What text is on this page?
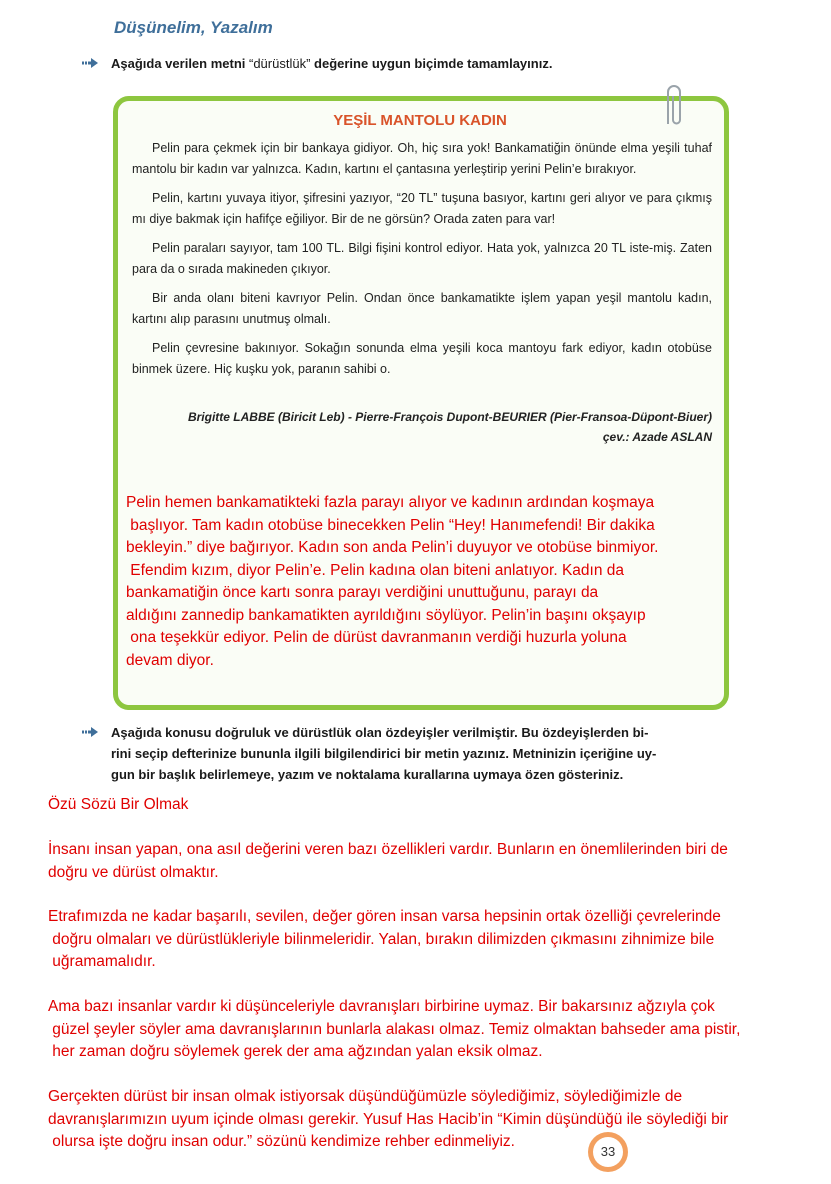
Düşünelim, Yazalım
Aşağıda verilen metni “dürüstlük” değerine uygun biçimde tamamlayınız.
YEŞİL MANTOLU KADIN

Pelin para çekmek için bir bankaya gidiyor. Oh, hiç sıra yok! Bankamatiğin önünde elma yeşili tuhaf mantolu bir kadın var yalnızca. Kadın, kartını el çantasına yerleştirip yerini Pelin’e bırakıyor.

Pelin, kartını yuvaya itiyor, şifresini yazıyor, “20 TL” tuşuna basıyor, kartını geri alıyor ve para çıkmış mı diye bakmak için hafifçe eğiliyor. Bir de ne görsün? Orada zaten para var!

Pelin paraları sayıyor, tam 100 TL. Bilgi fişini kontrol ediyor. Hata yok, yalnızca 20 TL iste-miş. Zaten para da o sırada makineden çıkıyor.

Bir anda olanı biteni kavrıyor Pelin. Ondan önce bankamatikte işlem yapan yeşil mantolu kadın, kartını alıp parasını unutmuş olmalı.

Pelin çevresine bakınıyor. Sokağın sonunda elma yeşili koca mantoyu fark ediyor, kadın otobüse binmek üzere. Hiç kuşku yok, paranın sahibi o.

Brigitte LABBE (Biricit Leb) - Pierre-François Dupont-BEURIER (Pier-Fransoa-Düpont-Biuer)
çev.: Azade ASLAN
Pelin hemen bankamatikteki fazla parayı alıyor ve kadının ardından koşmaya
başlıyor. Tam kadın otobüse binecekken Pelin “Hey! Hanımefendi! Bir dakika
bekleyin.” diye bağırıyor. Kadın son anda Pelin’i duyuyor ve otobüse binmiyor.
Efendim kızım, diyor Pelin’e. Pelin kadına olan biteni anlatıyor. Kadın da
bankamatiğin önce kartı sonra parayı verdiğini unuttuğunu, parayı da
aldığını zannedip bankamatikten ayrıldığını söylüyor. Pelin’in başını okşayıp
ona teşekkür ediyor. Pelin de dürüst davranmanın verdiği huzurla yoluna
devam diyor.
Aşağıda konusu doğruluk ve dürüstlük olan özdeyişler verilmiştir. Bu özdeyişlerden bi-
rini seçip defterinize bununla ilgili bilgilendirici bir metin yazınız. Metninizin içeriğine uy-
gun bir başlık belirlemeye, yazım ve noktalama kurallarına uymaya özen gösteriniz.
Özü Sözü Bir Olmak
İnsanı insan yapan, ona asıl değerini veren bazı özellikleri vardır. Bunların en önemlilerinden biri de
doğru ve dürüst olmaktır.
Etrafımızda ne kadar başarılı, sevilen, değer gören insan varsa hepsinin ortak özelliği çevrelerinde
doğru olmaları ve dürüstlükleriyle bilinmeleridir. Yalan, bırakın dilimizden çıkmasını zihnimize bile
uğramamalıdır.
Ama bazı insanlar vardır ki düşünceleriyle davranışları birbirine uymaz. Bir bakarsınız ağzıyla çok
güzel şeyler söyler ama davranışlarının bunlarla alakası olmaz. Temiz olmaktan bahseder ama pistir,
her zaman doğru söylemek gerek der ama ağzından yalan eksik olmaz.
Gerçekten dürüst bir insan olmak istiyorsak düşündüğümüzle söylediğimiz, söylediğimizle de
davranışlarımızın uyum içinde olması gerekir. Yusuf Has Hacib’in “Kimin düşündüğü ile söylediği bir
olursa işte doğru insan odur.” sözünü kendimize rehber edinmeliyiz.
33
